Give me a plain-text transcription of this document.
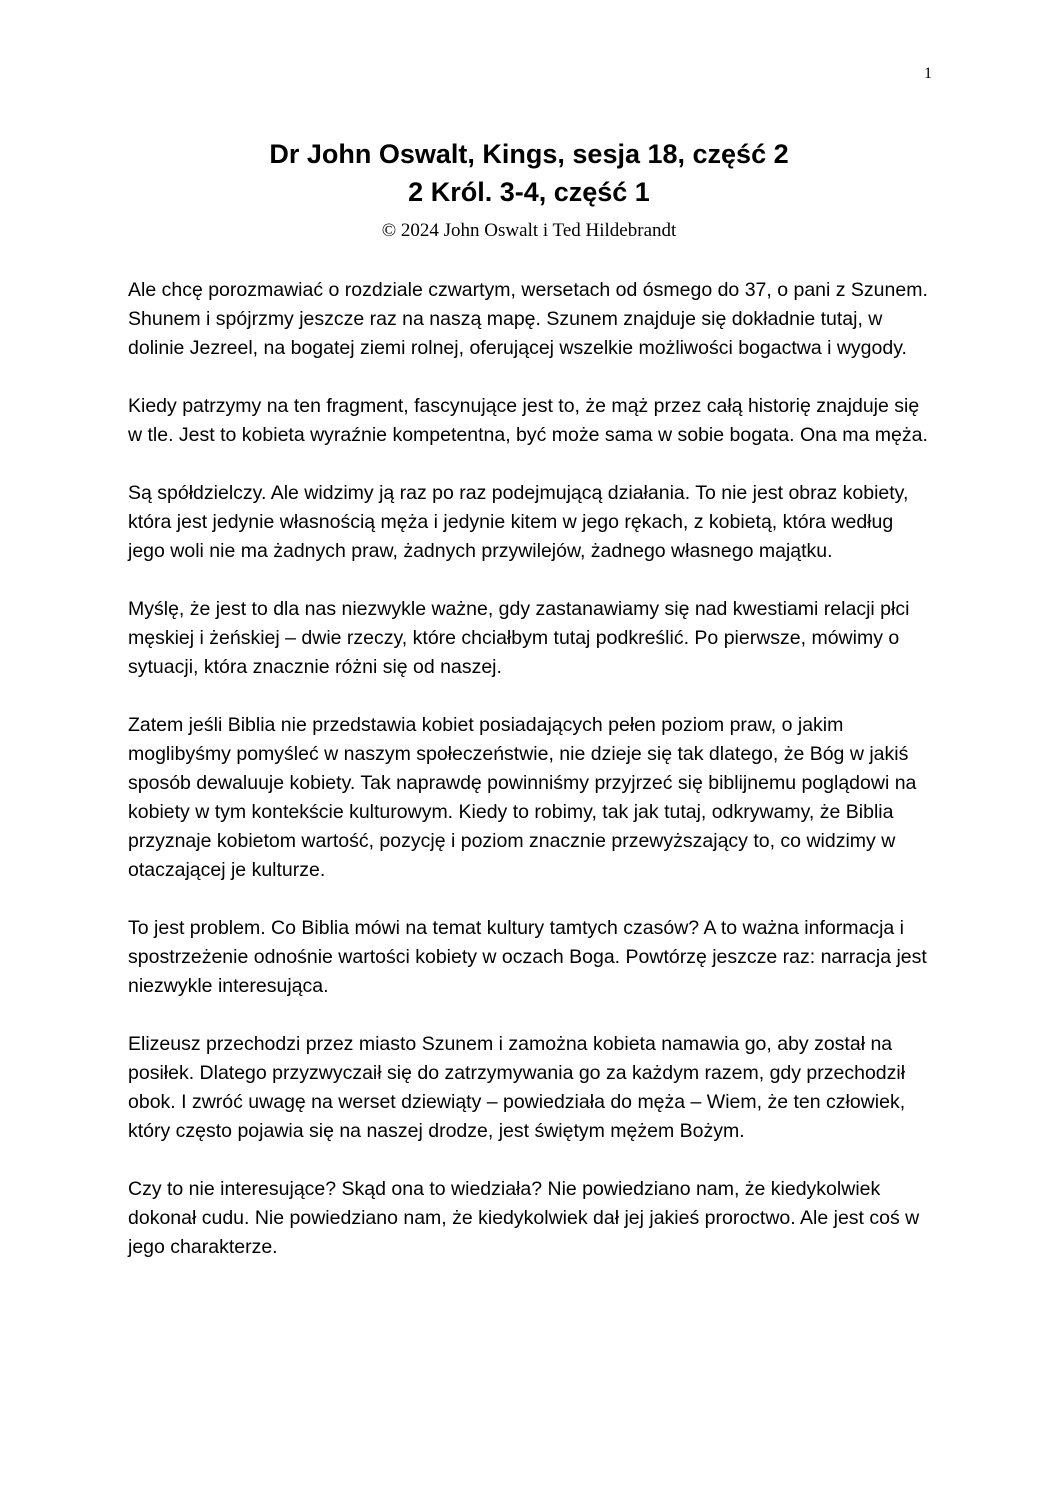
1
Dr John Oswalt, Kings, sesja 18, część 2
2 Król. 3-4, część 1
© 2024 John Oswalt i Ted Hildebrandt

Ale chcę porozmawiać o rozdziale czwartym, wersetach od ósmego do 37, o pani z Szunem. Shunem i spójrzmy jeszcze raz na naszą mapę. Szunem znajduje się dokładnie tutaj, w dolinie Jezreel, na bogatej ziemi rolnej, oferującej wszelkie możliwości bogactwa i wygody.

Kiedy patrzymy na ten fragment, fascynujące jest to, że mąż przez całą historię znajduje się w tle. Jest to kobieta wyraźnie kompetentna, być może sama w sobie bogata. Ona ma męża.

Są spółdzielczy. Ale widzimy ją raz po raz podejmującą działania. To nie jest obraz kobiety, która jest jedynie własnością męża i jedynie kitem w jego rękach, z kobietą, która według jego woli nie ma żadnych praw, żadnych przywilejów, żadnego własnego majątku.

Myślę, że jest to dla nas niezwykle ważne, gdy zastanawiamy się nad kwestiami relacji płci męskiej i żeńskiej – dwie rzeczy, które chciałbym tutaj podkreślić. Po pierwsze, mówimy o sytuacji, która znacznie różni się od naszej.

Zatem jeśli Biblia nie przedstawia kobiet posiadających pełen poziom praw, o jakim moglibyśmy pomyśleć w naszym społeczeństwie, nie dzieje się tak dlatego, że Bóg w jakiś sposób dewaluuje kobiety. Tak naprawdę powinniśmy przyjrzeć się biblijnemu poglądowi na kobiety w tym kontekście kulturowym. Kiedy to robimy, tak jak tutaj, odkrywamy, że Biblia przyznaje kobietom wartość, pozycję i poziom znacznie przewyższający to, co widzimy w otaczającej je kulturze.

To jest problem. Co Biblia mówi na temat kultury tamtych czasów? A to ważna informacja i spostrzeżenie odnośnie wartości kobiety w oczach Boga. Powtórzę jeszcze raz: narracja jest niezwykle interesująca.

Elizeusz przechodzi przez miasto Szunem i zamożna kobieta namawia go, aby został na posiłek. Dlatego przyzwyczaił się do zatrzymywania go za każdym razem, gdy przechodził obok. I zwróć uwagę na werset dziewiąty – powiedziała do męża – Wiem, że ten człowiek, który często pojawia się na naszej drodze, jest świętym mężem Bożym.

Czy to nie interesujące? Skąd ona to wiedziała? Nie powiedziano nam, że kiedykolwiek dokonał cudu. Nie powiedziano nam, że kiedykolwiek dał jej jakieś proroctwo. Ale jest coś w jego charakterze.
